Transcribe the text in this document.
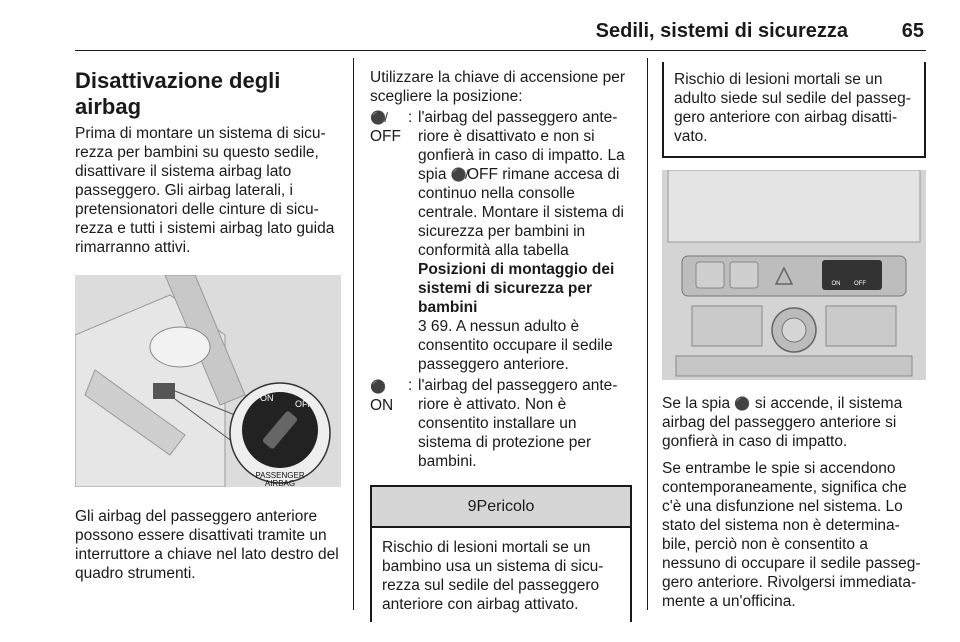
Sedili, sistemi di sicurezza	65
Disattivazione degli airbag

Prima di montare un sistema di sicu-rezza per bambini su questo sedile, disattivare il sistema airbag lato passeggero. Gli airbag laterali, i pretensionatori delle cinture di sicu-rezza e tutti i sistemi airbag lato guida rimarranno attivi.

ON
OFF
PASSENGER
AIRBAG

Gli airbag del passeggero anteriore possono essere disattivati tramite un interruttore a chiave nel lato destro del quadro strumenti.

Utilizzare la chiave di accensione per scegliere la posizione:

⚫̸
OFF
: l'airbag del passeggero ante-riore è disattivato e non si gonfierà in caso di impatto. La spia ⚫̸OFF rimane accesa di continuo nella consolle centrale. Montare il sistema di sicurezza per bambini in conformità alla tabella Posizioni di montaggio dei sistemi di sicurezza per bambini
3 69. A nessun adulto è consentito occupare il sedile passeggero anteriore.
⚫
ON
: l'airbag del passeggero ante-riore è attivato. Non è consentito installare un sistema di protezione per bambini.
9Pericolo
Rischio di lesioni mortali se un bambino usa un sistema di sicu-rezza sul sedile del passeggero anteriore con airbag attivato.
Rischio di lesioni mortali se un adulto siede sul sedile del passeg-gero anteriore con airbag disatti-vato.
ON OFF

Se la spia ⚫ si accende, il sistema airbag del passeggero anteriore si gonfierà in caso di impatto.

Se entrambe le spie si accendono contemporaneamente, significa che c'è una disfunzione nel sistema. Lo stato del sistema non è determina-bile, perciò non è consentito a nessuno di occupare il sedile passeg-gero anteriore. Rivolgersi immediata-mente a un'officina.
